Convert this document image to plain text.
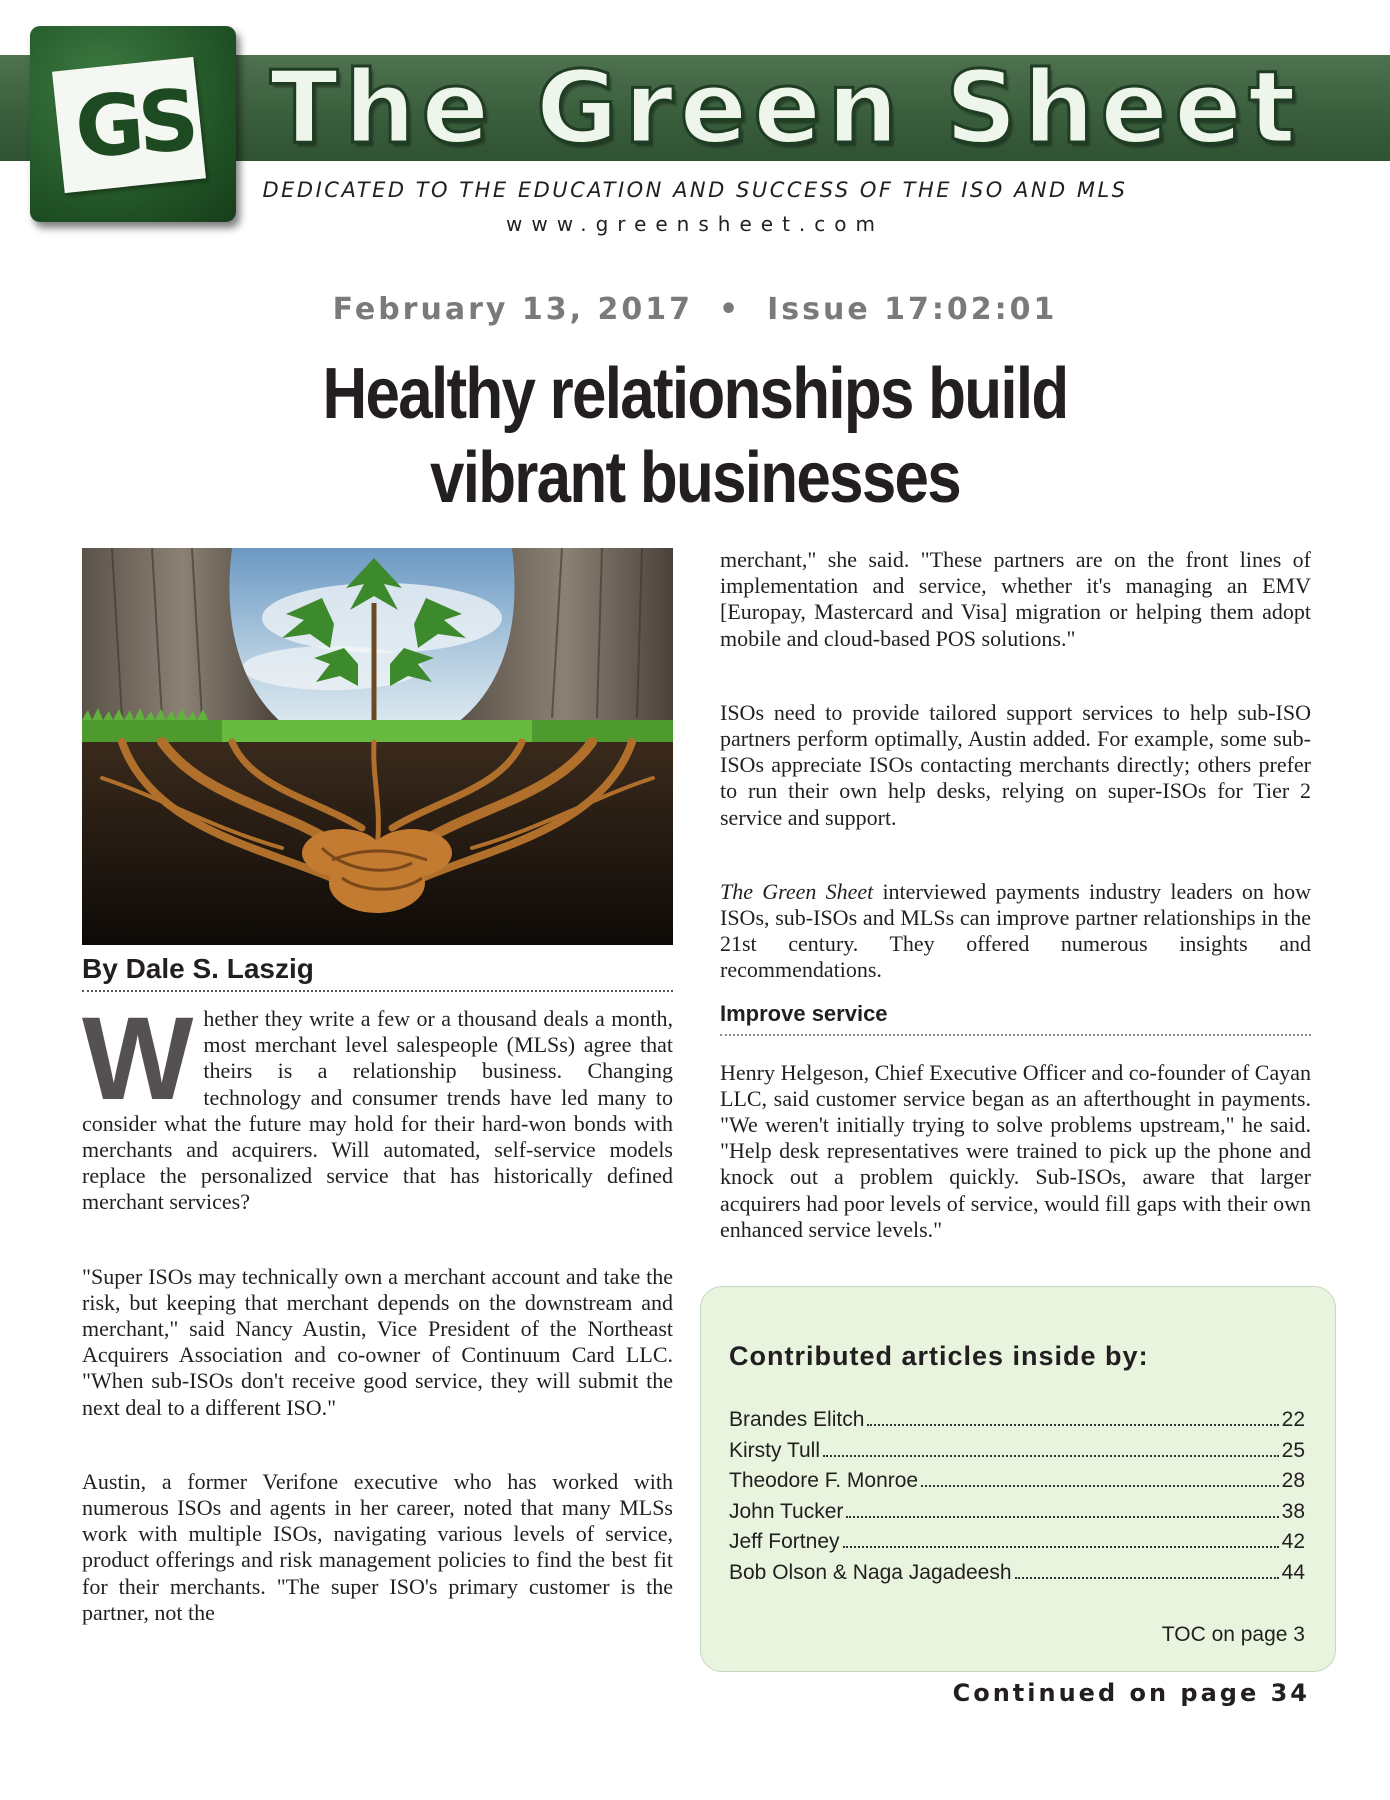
The Green Sheet
GS
DEDICATED TO THE EDUCATION AND SUCCESS OF THE ISO AND MLS
www.greensheet.com
February 13, 2017 • Issue 17:02:01
Healthy relationships build
vibrant businesses
By Dale S. Laszig

Whether they write a few or a thousand deals a month, most merchant level salespeople (MLSs) agree that theirs is a relationship business. Changing technology and consumer trends have led many to consider what the future may hold for their hard-won bonds with merchants and acquirers. Will automated, self-service models replace the personalized service that has historically defined merchant services?

"Super ISOs may technically own a merchant account and take the risk, but keeping that merchant depends on the downstream and merchant," said Nancy Austin, Vice President of the Northeast Acquirers Association and co-owner of Continuum Card LLC. "When sub-ISOs don't receive good service, they will submit the next deal to a different ISO."

Austin, a former Verifone executive who has worked with numerous ISOs and agents in her career, noted that many MLSs work with multiple ISOs, navigating various levels of service, product offerings and risk management policies to find the best fit for their merchants. "The super ISO's primary customer is the partner, not the

merchant," she said. "These partners are on the front lines of implementation and service, whether it's managing an EMV [Europay, Mastercard and Visa] migration or helping them adopt mobile and cloud-based POS solutions."

ISOs need to provide tailored support services to help sub-ISO partners perform optimally, Austin added. For example, some sub-ISOs appreciate ISOs contacting merchants directly; others prefer to run their own help desks, relying on super-ISOs for Tier 2 service and support.

The Green Sheet interviewed payments industry leaders on how ISOs, sub-ISOs and MLSs can improve partner relationships in the 21st century. They offered numerous insights and recommendations.

Improve service

Henry Helgeson, Chief Executive Officer and co-founder of Cayan LLC, said customer service began as an afterthought in payments. "We weren't initially trying to solve problems upstream," he said. "Help desk representatives were trained to pick up the phone and knock out a problem quickly. Sub-ISOs, aware that larger acquirers had poor levels of service, would fill gaps with their own enhanced service levels."

Contributed articles inside by:
Brandes Elitch	22
Kirsty Tull	25
Theodore F. Monroe	28
John Tucker	38
Jeff Fortney	42
Bob Olson & Naga Jagadeesh	44
TOC on page 3
Continued on page 34
